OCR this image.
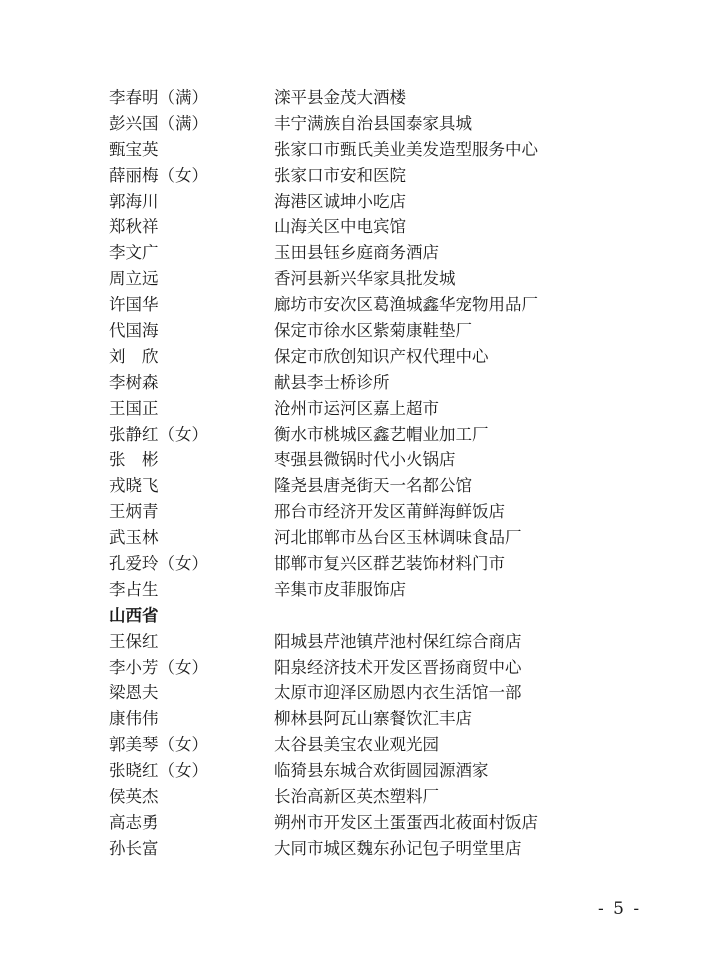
李春明（满）	滦平县金茂大酒楼
彭兴国（满）	丰宁满族自治县国泰家具城
甄宝英	张家口市甄氏美业美发造型服务中心
薛丽梅（女）	张家口市安和医院
郭海川	海港区诚坤小吃店
郑秋祥	山海关区中电宾馆
李文广	玉田县钰乡庭商务酒店
周立远	香河县新兴华家具批发城
许国华	廊坊市安次区葛渔城鑫华宠物用品厂
代国海	保定市徐水区紫菊康鞋垫厂
刘　欣	保定市欣创知识产权代理中心
李树森	献县李士桥诊所
王国正	沧州市运河区嘉上超市
张静红（女）	衡水市桃城区鑫艺帽业加工厂
张　彬	枣强县微锅时代小火锅店
戎晓飞	隆尧县唐尧街天一名都公馆
王炳青	邢台市经济开发区莆鲜海鲜饭店
武玉林	河北邯郸市丛台区玉林调味食品厂
孔爱玲（女）	邯郸市复兴区群艺装饰材料门市
李占生	辛集市皮菲服饰店
山西省
王保红	阳城县芹池镇芹池村保红综合商店
李小芳（女）	阳泉经济技术开发区晋扬商贸中心
梁恩夫	太原市迎泽区励恩内衣生活馆一部
康伟伟	柳林县阿瓦山寨餐饮汇丰店
郭美琴（女）	太谷县美宝农业观光园
张晓红（女）	临猗县东城合欢街圆园源酒家
侯英杰	长治高新区英杰塑料厂
高志勇	朔州市开发区土蛋蛋西北莜面村饭店
孙长富	大同市城区魏东孙记包子明堂里店
- 5 -
